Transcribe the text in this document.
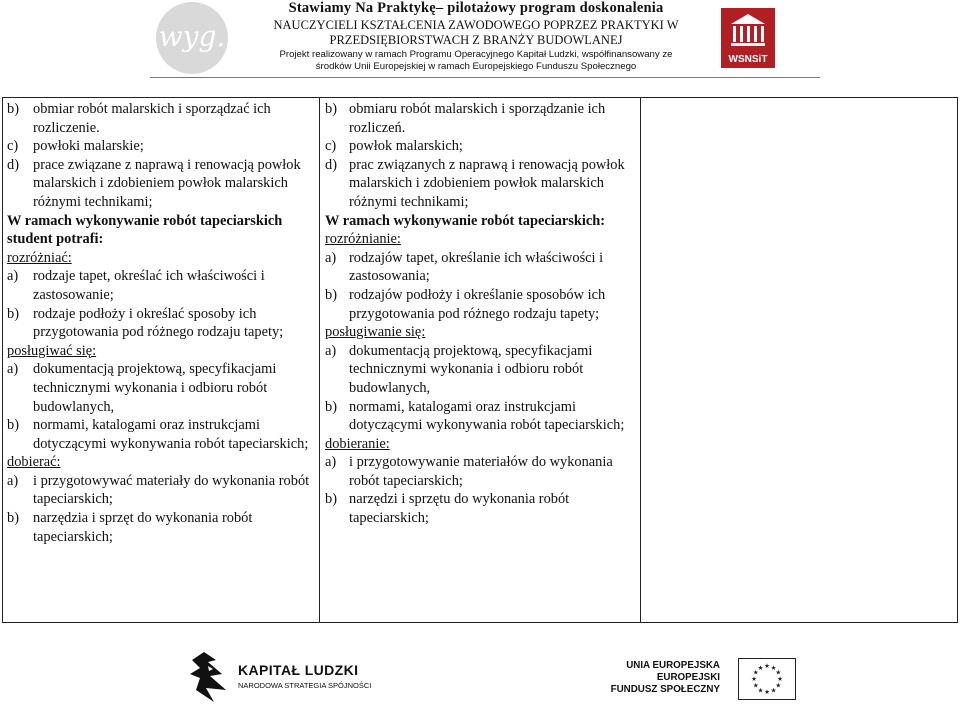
wyg.
Stawiamy Na Praktykę– pilotażowy program doskonalenia
NAUCZYCIELI KSZTAŁCENIA ZAWODOWEGO POPRZEZ PRAKTYKI W
PRZEDSIĘBIORSTWACH Z BRANŻY BUDOWLANEJ
Projekt realizowany w ramach Programu Operacyjnego Kapitał Ludzki, współfinansowany ze
środków Unii Europejskiej w ramach Europejskiego Funduszu Społecznego
WSNSiT
b) obmiar robót malarskich i sporządzać ich rozliczenie.
c) powłoki malarskie;
d) prace związane z naprawą i renowacją powłok malarskich i zdobieniem powłok malarskich różnymi technikami;
W ramach wykonywanie robót tapeciarskich student potrafi:
rozróżniać:
a) rodzaje tapet, określać ich właściwości i zastosowanie;
b) rodzaje podłoży i określać sposoby ich przygotowania pod różnego rodzaju tapety;
posługiwać się:
a) dokumentacją projektową, specyfikacjami technicznymi wykonania i odbioru robót budowlanych,
b) normami, katalogami oraz instrukcjami dotyczącymi wykonywania robót tapeciarskich;
dobierać:
a) i przygotowywać materiały do wykonania robót tapeciarskich;
b) narzędzia i sprzęt do wykonania robót tapeciarskich;
b) obmiaru robót malarskich i sporządzanie ich rozliczeń.
c) powłok malarskich;
d) prac związanych z naprawą i renowacją powłok malarskich i zdobieniem powłok malarskich różnymi technikami;
W ramach wykonywanie robót tapeciarskich:
rozróżnianie:
a) rodzajów tapet, określanie ich właściwości i zastosowania;
b) rodzajów podłoży i określanie sposobów ich przygotowania pod różnego rodzaju tapety;
posługiwanie się:
a) dokumentacją projektową, specyfikacjami technicznymi wykonania i odbioru robót budowlanych,
b) normami, katalogami oraz instrukcjami dotyczącymi wykonywania robót tapeciarskich;
dobieranie:
a) i przygotowywanie materiałów do wykonania robót tapeciarskich;
b) narzędzi i sprzętu do wykonania robót tapeciarskich;
KAPITAŁ LUDZKI
NARODOWA STRATEGIA SPÓJNOŚCI
UNIA EUROPEJSKA
EUROPEJSKI
FUNDUSZ SPOŁECZNY
★ ★
★
★
★
★
★
★
★
★
★
★
